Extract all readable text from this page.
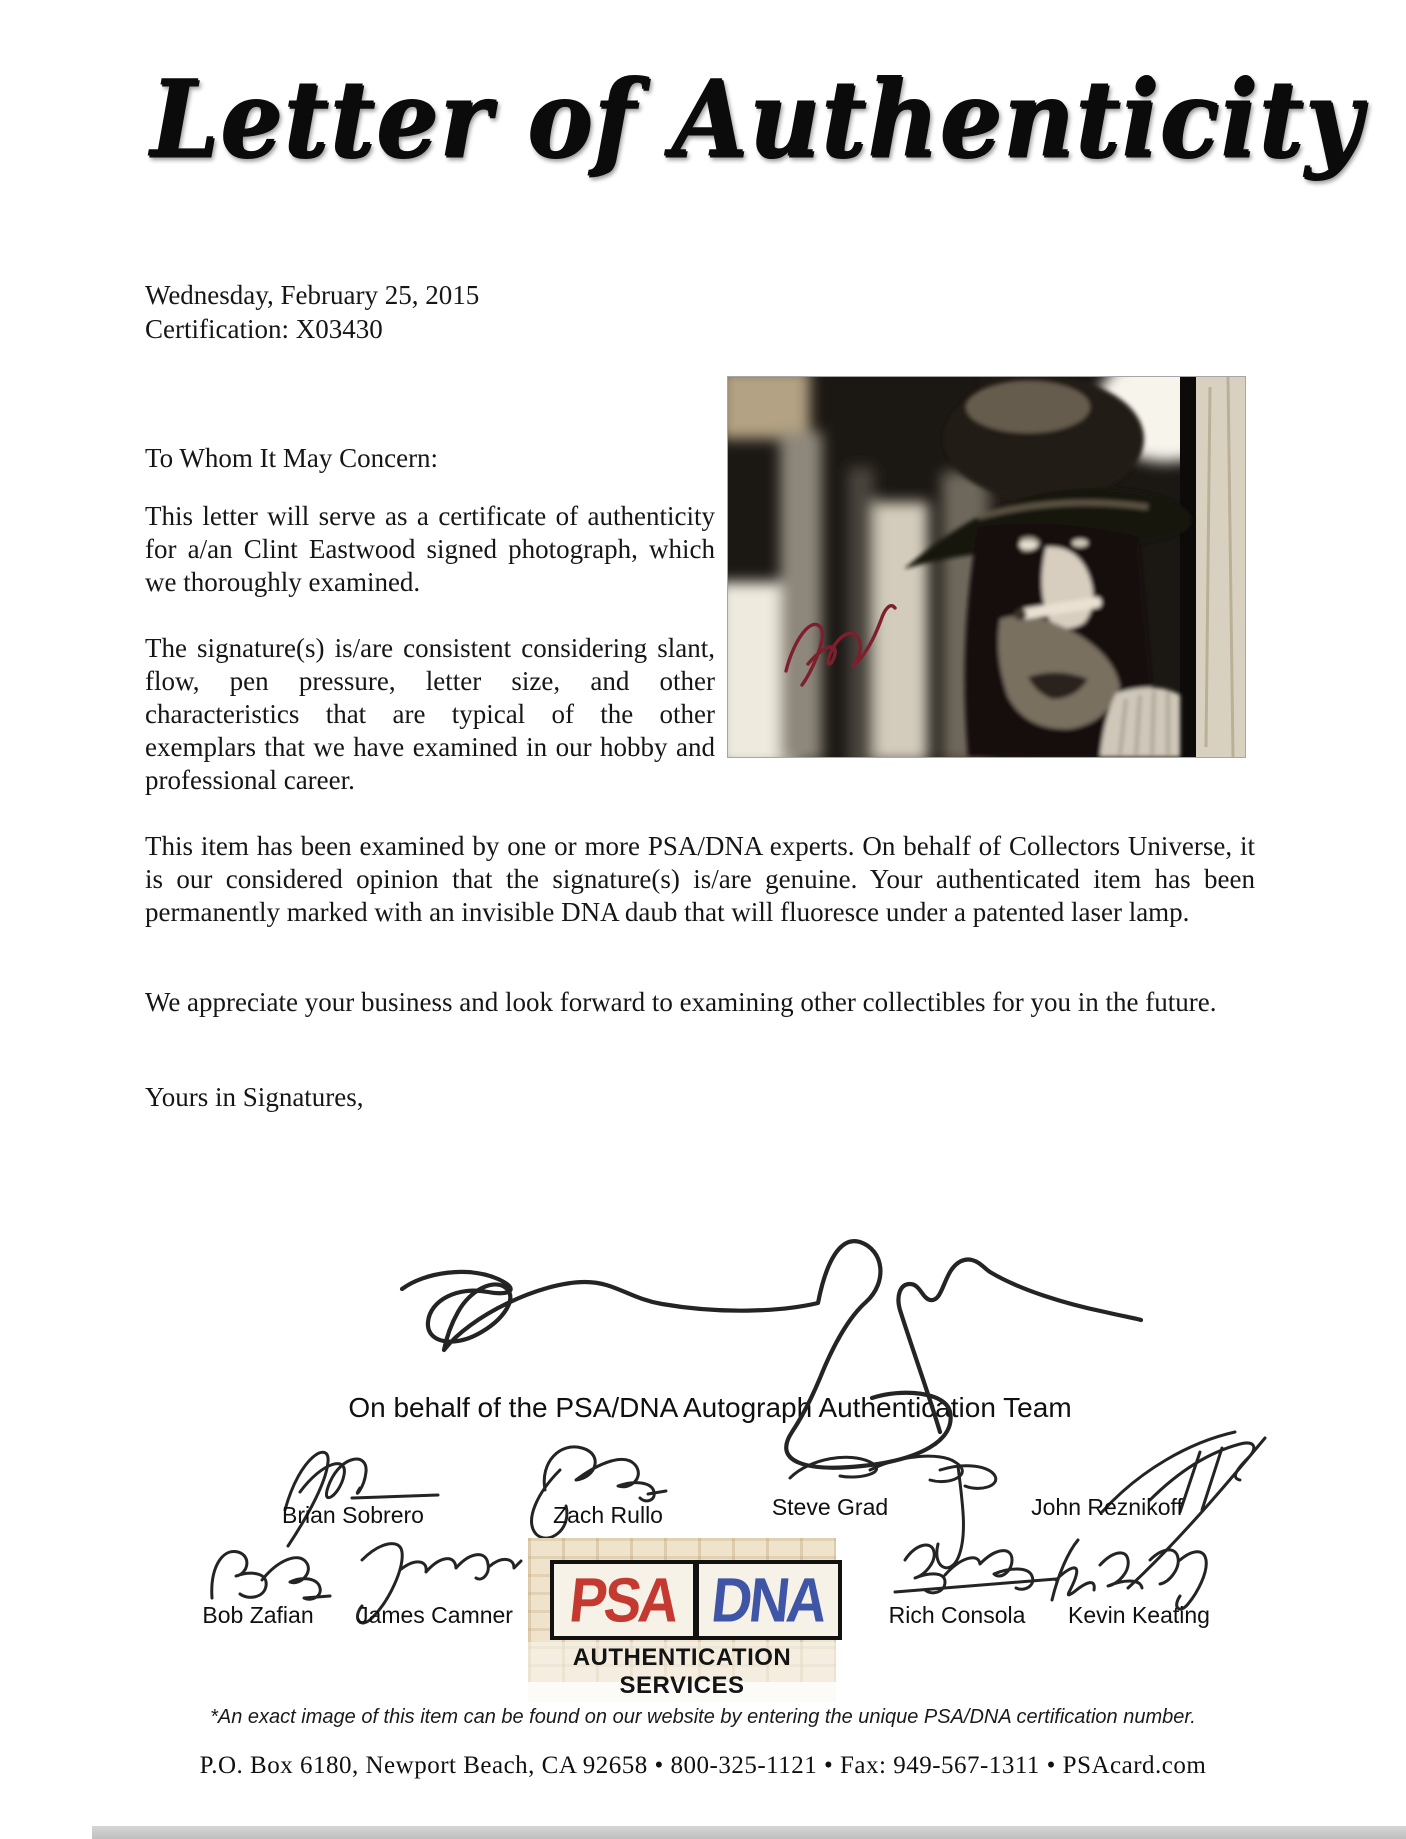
Letter of Authenticity
Wednesday, February 25, 2015
Certification: X03430
To Whom It May Concern:
This letter will serve as a certificate of authenticity for a/an Clint Eastwood signed photograph, which we thoroughly examined.
The signature(s) is/are consistent considering slant, flow, pen pressure, letter size, and other characteristics that are typical of the other exemplars that we have examined in our hobby and professional career.
This item has been examined by one or more PSA/DNA experts. On behalf of Collectors Universe, it is our considered opinion that the signature(s) is/are genuine. Your authenticated item has been permanently marked with an invisible DNA daub that will fluoresce under a patented laser lamp.
We appreciate your business and look forward to examining other collectibles for you in the future.
Yours in Signatures,
On behalf of the PSA/DNA Autograph Authentication Team
Brian Sobrero	Zach Rullo	Steve Grad	John Reznikoff
Bob Zafian	James Camner	Rich Consola	Kevin Keating
PSA DNA
AUTHENTICATION SERVICES
*An exact image of this item can be found on our website by entering the unique PSA/DNA certification number.
P.O. Box 6180, Newport Beach, CA 92658 • 800-325-1121 • Fax: 949-567-1311 • PSAcard.com
